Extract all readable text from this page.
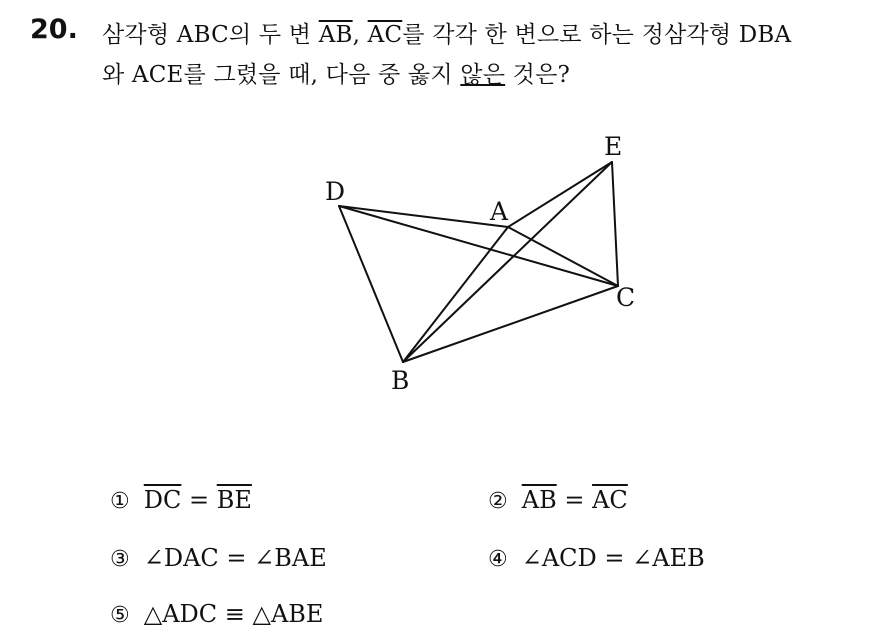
20. 삼각형 ABC의 두 변 $\overline{AB}$, $\overline{AC}$를 각각 한 변으로 하는 정삼각형 DBA
와 ACE를 그렸을 때, 다음 중 옳지 않은 것은?
D
A
E
C
B
① $\overline{DC} = \overline{BE}$	② $\overline{AB} = \overline{AC}$
③ ∠DAC = ∠BAE	④ ∠ACD = ∠AEB
⑤ △ADC ≡ △ABE
